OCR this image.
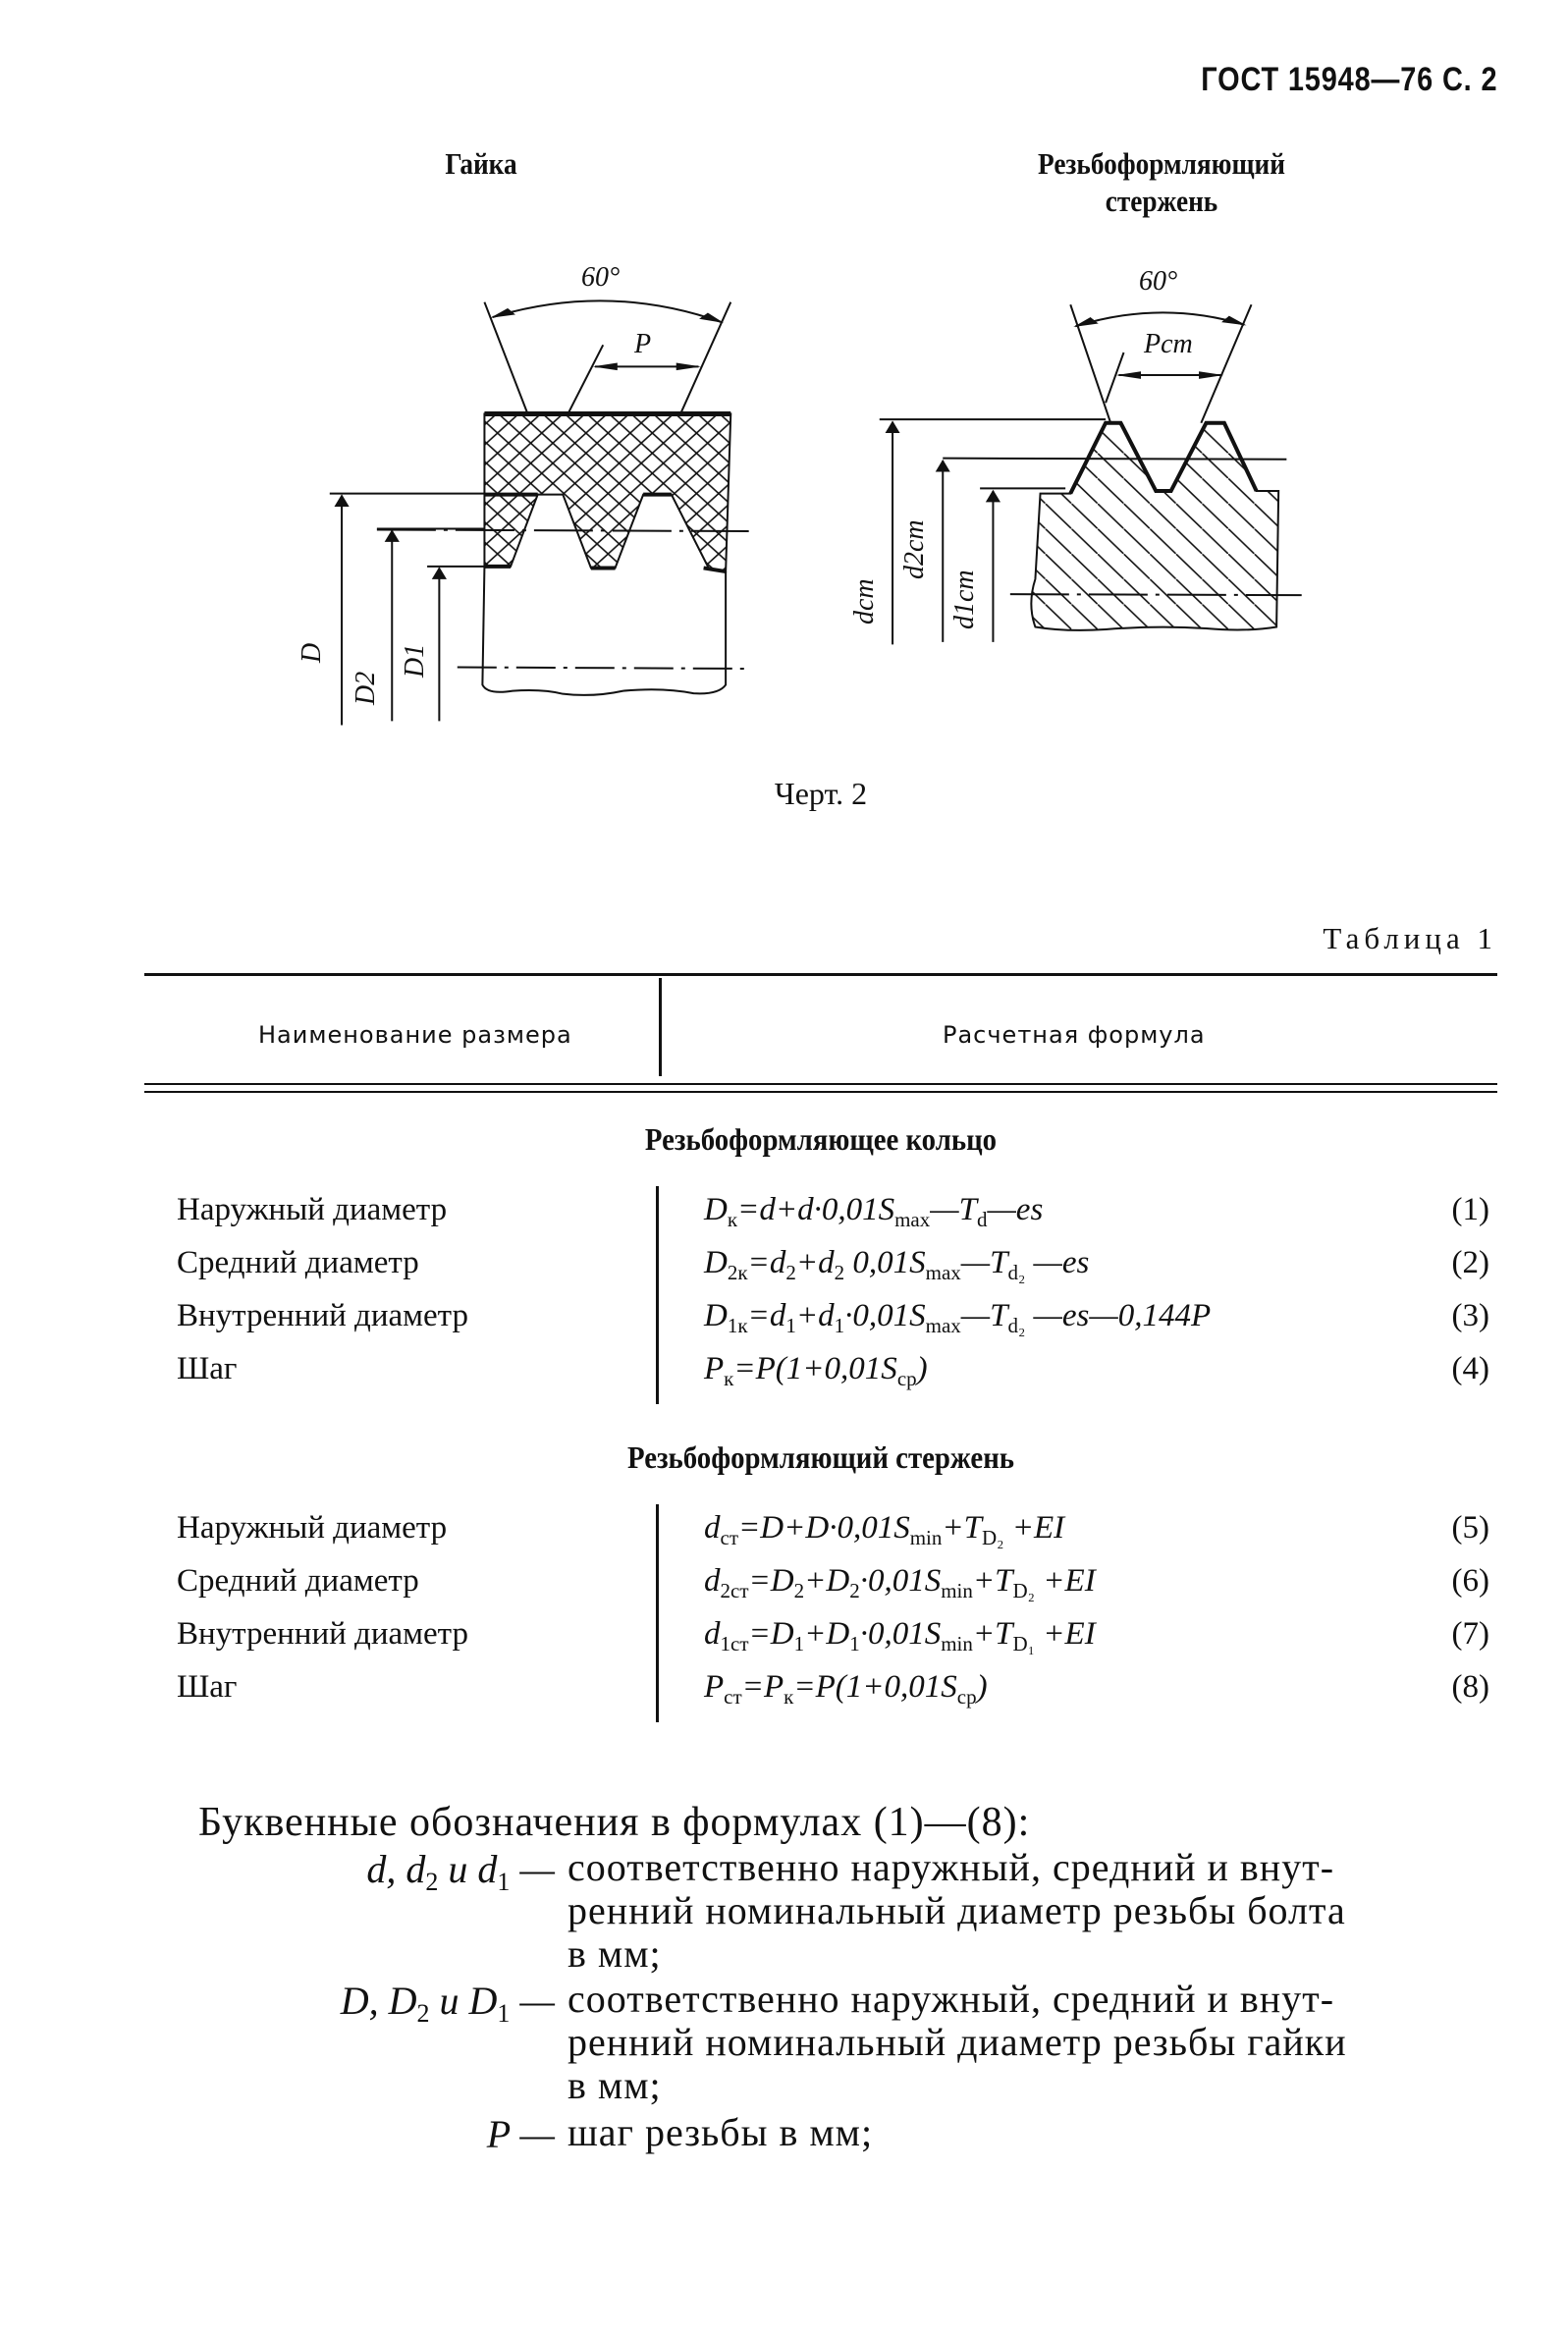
ГОСТ 15948—76 С. 2
Гайка	Резьбоформляющий
стержень
60°
P
D
D2
D1
60°
Pст
dст
d2ст
d1ст
Черт. 2
Таблица 1
Наименование размера	Расчетная формула
Резьбоформляющее кольцо
Наружный диаметр	$D_к=d+d\cdot 0,01S_{max}—T_d—es$	(1)
Средний диаметр	$D_{2к}=d_2+d_2$ $0,01S_{max}—T_{d_2}$ —es	(2)
Внутренний диаметр	$D_{1к}=d_1+d_1\cdot 0,01S_{max}—T_{d_2}$ —es—0,144P	(3)
Шаг	$P_к=P(1+0,01S_{ср})$	(4)
Резьбоформляющий стержень
Наружный диаметр	$d_{ст}=D+D\cdot 0,01S_{min}+T_{D_2} +EI$	(5)
Средний диаметр	$d_{2ст}=D_2+D_2\cdot 0,01S_{min}+T_{D_2} +EI$	(6)
Внутренний диаметр	$d_{1ст}=D_1+D_1\cdot 0,01S_{min}+T_{D_1} +EI$	(7)
Шаг	$P_{ст}=P_к=P(1+0,01S_{ср})$	(8)
Буквенные обозначения в формулах (1)—(8):
d, $d_2$ и $d_1$ — соответственно наружный, средний и внут-
ренний номинальный диаметр резьбы болта
в мм;
D, $D_2$ и $D_1$ — соответственно наружный, средний и внут-
ренний номинальный диаметр резьбы гайки
в мм;
P — шаг резьбы в мм;
